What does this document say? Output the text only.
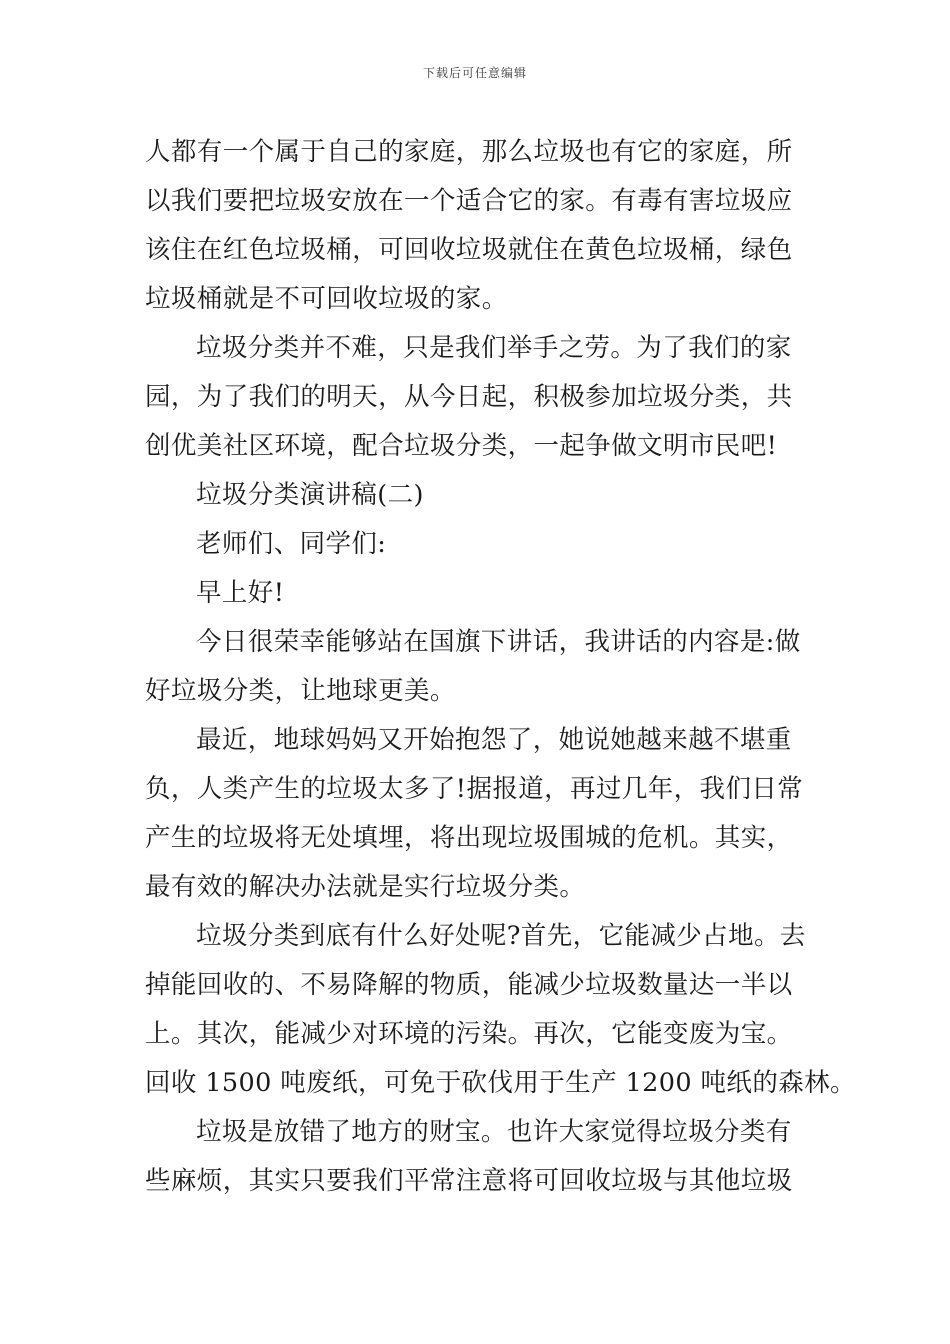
下载后可任意编辑
人都有一个属于自己的家庭，那么垃圾也有它的家庭，所
以我们要把垃圾安放在一个适合它的家。有毒有害垃圾应
该住在红色垃圾桶，可回收垃圾就住在黄色垃圾桶，绿色
垃圾桶就是不可回收垃圾的家。
垃圾分类并不难，只是我们举手之劳。为了我们的家
园，为了我们的明天，从今日起，积极参加垃圾分类，共
创优美社区环境，配合垃圾分类，一起争做文明市民吧!
垃圾分类演讲稿(二)
老师们、同学们:
早上好!
今日很荣幸能够站在国旗下讲话，我讲话的内容是:做
好垃圾分类，让地球更美。
最近，地球妈妈又开始抱怨了，她说她越来越不堪重
负，人类产生的垃圾太多了!据报道，再过几年，我们日常
产生的垃圾将无处填埋，将出现垃圾围城的危机。其实，
最有效的解决办法就是实行垃圾分类。
垃圾分类到底有什么好处呢?首先，它能减少占地。去
掉能回收的、不易降解的物质，能减少垃圾数量达一半以
上。其次，能减少对环境的污染。再次，它能变废为宝。
回收 1500 吨废纸，可免于砍伐用于生产 1200 吨纸的森林。
垃圾是放错了地方的财宝。也许大家觉得垃圾分类有
些麻烦，其实只要我们平常注意将可回收垃圾与其他垃圾
